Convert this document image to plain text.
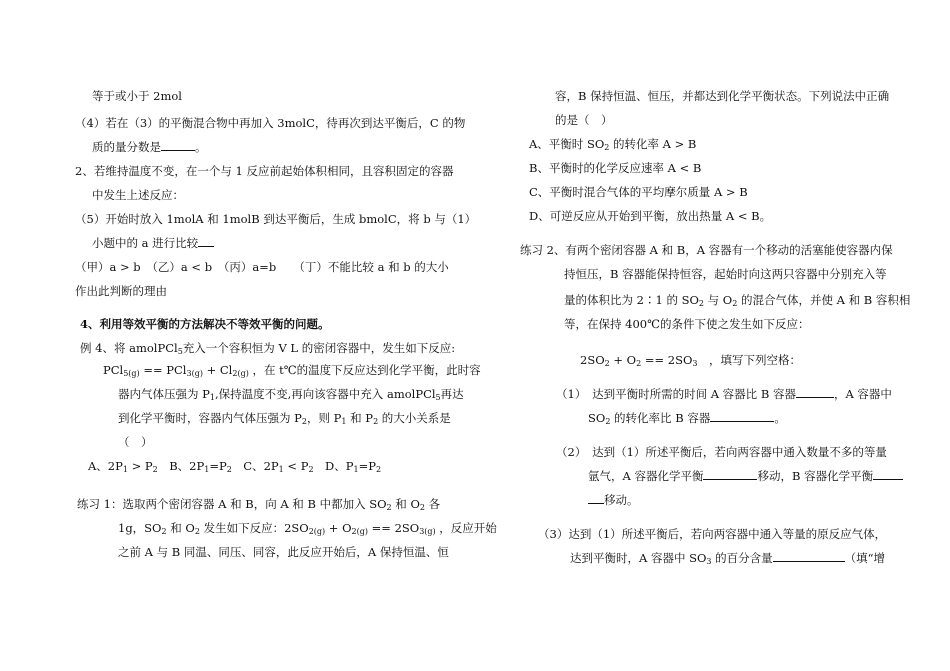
等于或小于 2mol
（4）若在（3）的平衡混合物中再加入 3molC，待再次到达平衡后，C 的物
质的量分数是	。
2、若维持温度不变，在一个与 1 反应前起始体积相同，且容积固定的容器
中发生上述反应：
（5）开始时放入 1molA 和 1molB 到达平衡后，生成 bmolC，将 b 与（1）
小题中的 a 进行比较
（甲）a > b　（乙）a < b　（丙）a=b　　（丁）不能比较 a 和 b 的大小
作出此判断的理由
4、利用等效平衡的方法解决不等效平衡的问题。
例 4、将 amolPCl$_5$充入一个容积恒为 V L 的密闭容器中，发生如下反应:
$PCl_{5(g)} == PCl_{3(g)} + Cl_{2(g)}$ ，在 t℃的温度下反应达到化学平衡，此时容
器内气体压强为 $P_1$,保持温度不变,再向该容器中充入 amolPCl$_5$再达
到化学平衡时，容器内气体压强为 $P_2$，则 $P_1$ 和 $P_2$ 的大小关系是
（　）
A、$2P_1 > P_2$　B、$2P_1=P_2$　C、$2P_1 < P_2$　D、$P_1=P_2$
练习 1：选取两个密闭容器 A 和 B，向 A 和 B 中都加入 $SO_2$ 和 $O_2$ 各
1g，$SO_2$ 和 $O_2$ 发生如下反应：$2SO_{2(g)} + O_{2(g)} == 2SO_{3(g)}$ ，反应开始
之前 A 与 B 同温、同压、同容，此反应开始后，A 保持恒温、恒
容，B 保持恒温、恒压，并都达到化学平衡状态。下列说法中正确
的是（　）
A、平衡时 $SO_2$ 的转化率 A > B
B、平衡时的化学反应速率 A < B
C、平衡时混合气体的平均摩尔质量 A > B
D、可逆反应从开始到平衡，放出热量 A < B。
练习 2、有两个密闭容器 A 和 B，A 容器有一个移动的活塞能使容器内保
持恒压，B 容器能保持恒容，起始时向这两只容器中分别充入等
量的体积比为 2∶1 的 $SO_2$ 与 $O_2$ 的混合气体，并使 A 和 B 容积相
等，在保持 400℃的条件下使之发生如下反应：
$2SO_2 + O_2 == 2SO_3$　，填写下列空格：
（1）　达到平衡时所需的时间 A 容器比 B 容器	，A 容器中
$SO_2$ 的转化率比 B 容器	。
（2）　达到（1）所述平衡后，若向两容器中通入数量不多的等量
氩气，A 容器化学平衡	移动，B 容器化学平衡
移动。
（3）达到（1）所述平衡后，若向两容器中通入等量的原反应气体，
达到平衡时，A 容器中 $SO_3$ 的百分含量	（填“增
